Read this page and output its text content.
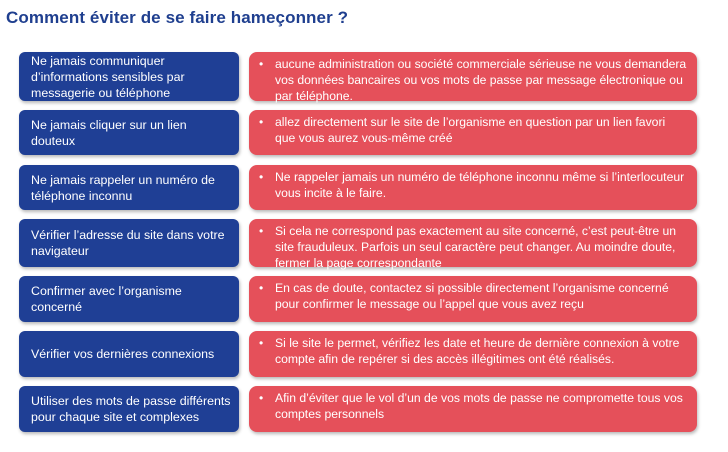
Comment éviter de se faire hameçonner ?
Ne jamais communiquer d’informations sensibles par messagerie ou téléphone
• aucune administration ou société commerciale sérieuse ne vous demandera vos données bancaires ou vos mots de passe par message électronique ou par téléphone.
Ne jamais cliquer sur un lien douteux
• allez directement sur le site de l’organisme en question par un lien favori que vous aurez vous-même créé
Ne jamais rappeler un numéro de téléphone inconnu
• Ne rappeler jamais un numéro de téléphone inconnu même si l’interlocuteur vous incite à le faire.
Vérifier l’adresse du site dans votre navigateur
• Si cela ne correspond pas exactement au site concerné, c’est peut-être un site frauduleux. Parfois un seul caractère peut changer. Au moindre doute, fermer la page correspondante
Confirmer avec l’organisme concerné
• En cas de doute, contactez si possible directement l’organisme concerné pour confirmer le message ou l’appel que vous avez reçu
Vérifier vos dernières connexions
• Si le site le permet, vérifiez les date et heure de dernière connexion à votre compte afin de repérer si des accès illégitimes ont été réalisés.
Utiliser des mots de passe différents pour chaque site et complexes
• Afin d’éviter que le vol d’un de vos mots de passe ne compromette tous vos comptes personnels
